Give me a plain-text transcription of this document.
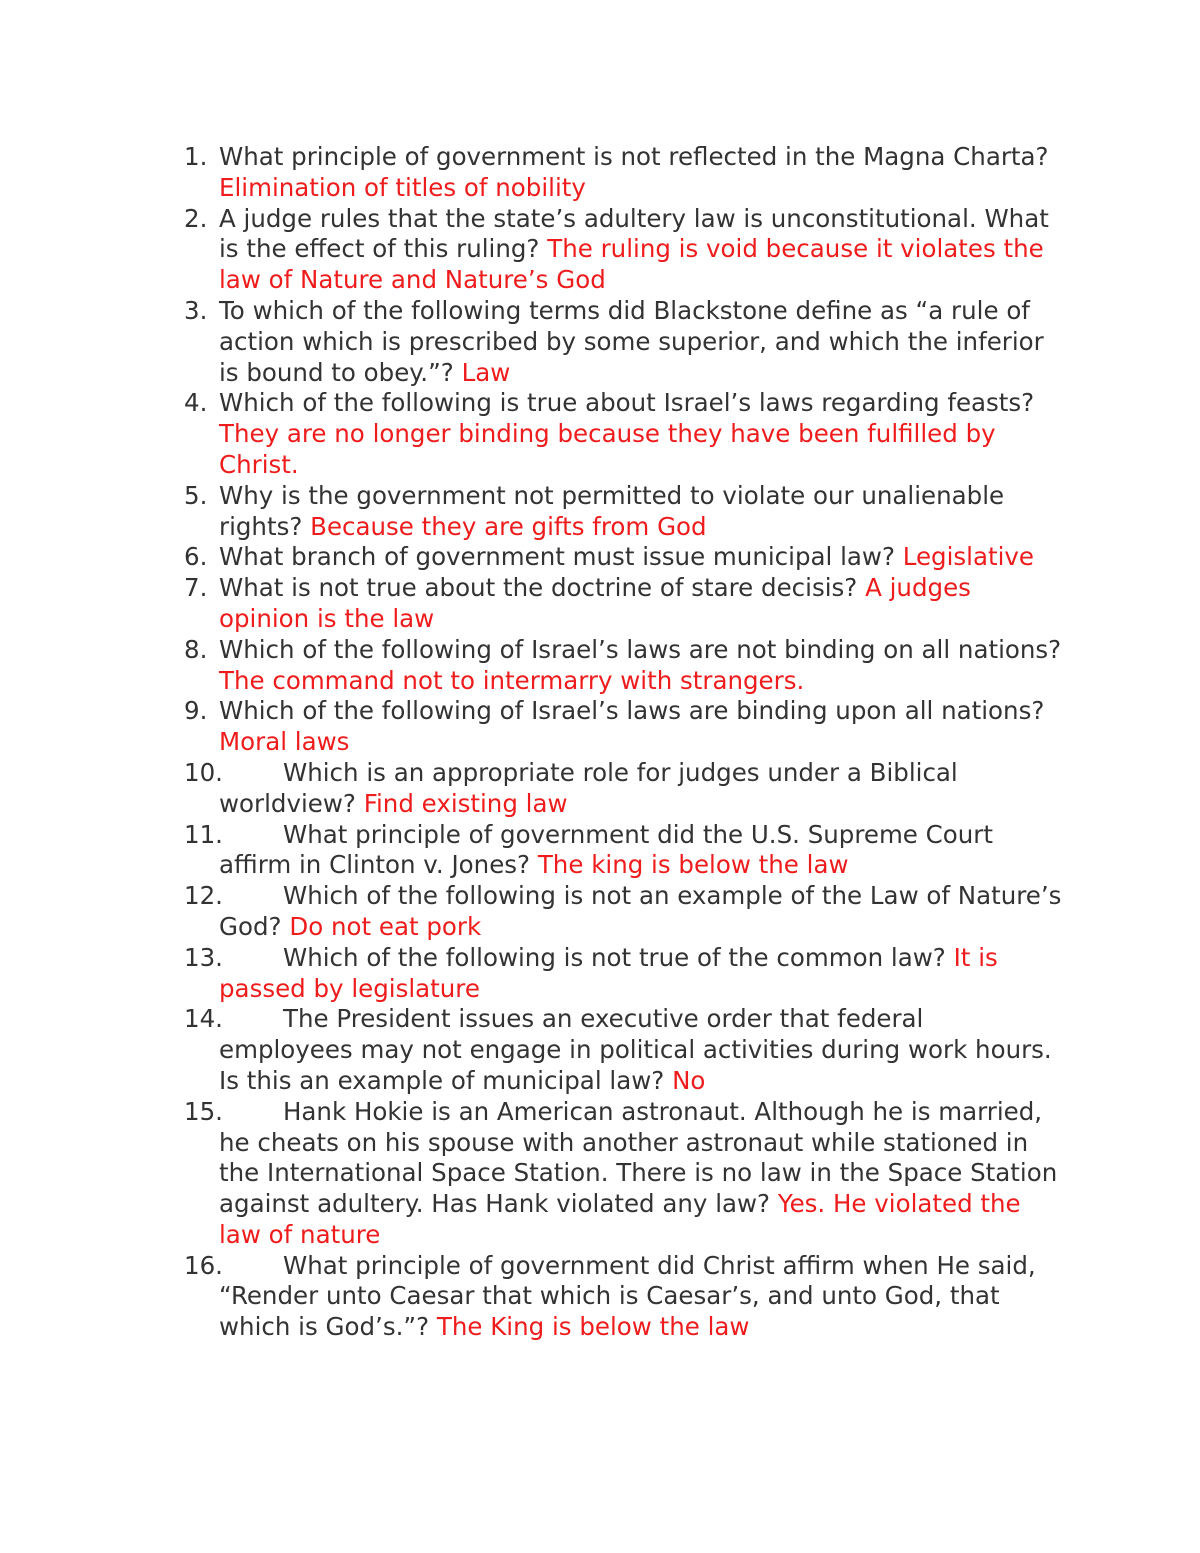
1. What principle of government is not reflected in the Magna Charta? Elimination of titles of nobility
2. A judge rules that the state’s adultery law is unconstitutional. What is the effect of this ruling? The ruling is void because it violates the law of Nature and Nature’s God
3. To which of the following terms did Blackstone define as “a rule of action which is prescribed by some superior, and which the inferior is bound to obey.”? Law
4. Which of the following is true about Israel’s laws regarding feasts? They are no longer binding because they have been fulfilled by Christ.
5. Why is the government not permitted to violate our unalienable rights? Because they are gifts from God
6. What branch of government must issue municipal law? Legislative
7. What is not true about the doctrine of stare decisis? A judges opinion is the law
8. Which of the following of Israel’s laws are not binding on all nations? The command not to intermarry with strangers.
9. Which of the following of Israel’s laws are binding upon all nations? Moral laws
10.	Which is an appropriate role for judges under a Biblical worldview? Find existing law
11.	What principle of government did the U.S. Supreme Court affirm in Clinton v. Jones? The king is below the law
12.	Which of the following is not an example of the Law of Nature’s God? Do not eat pork
13.	Which of the following is not true of the common law? It is passed by legislature
14.	The President issues an executive order that federal employees may not engage in political activities during work hours. Is this an example of municipal law? No
15.	Hank Hokie is an American astronaut. Although he is married, he cheats on his spouse with another astronaut while stationed in the International Space Station. There is no law in the Space Station against adultery. Has Hank violated any law? Yes. He violated the law of nature
16.	What principle of government did Christ affirm when He said, “Render unto Caesar that which is Caesar’s, and unto God, that which is God’s.”? The King is below the law
